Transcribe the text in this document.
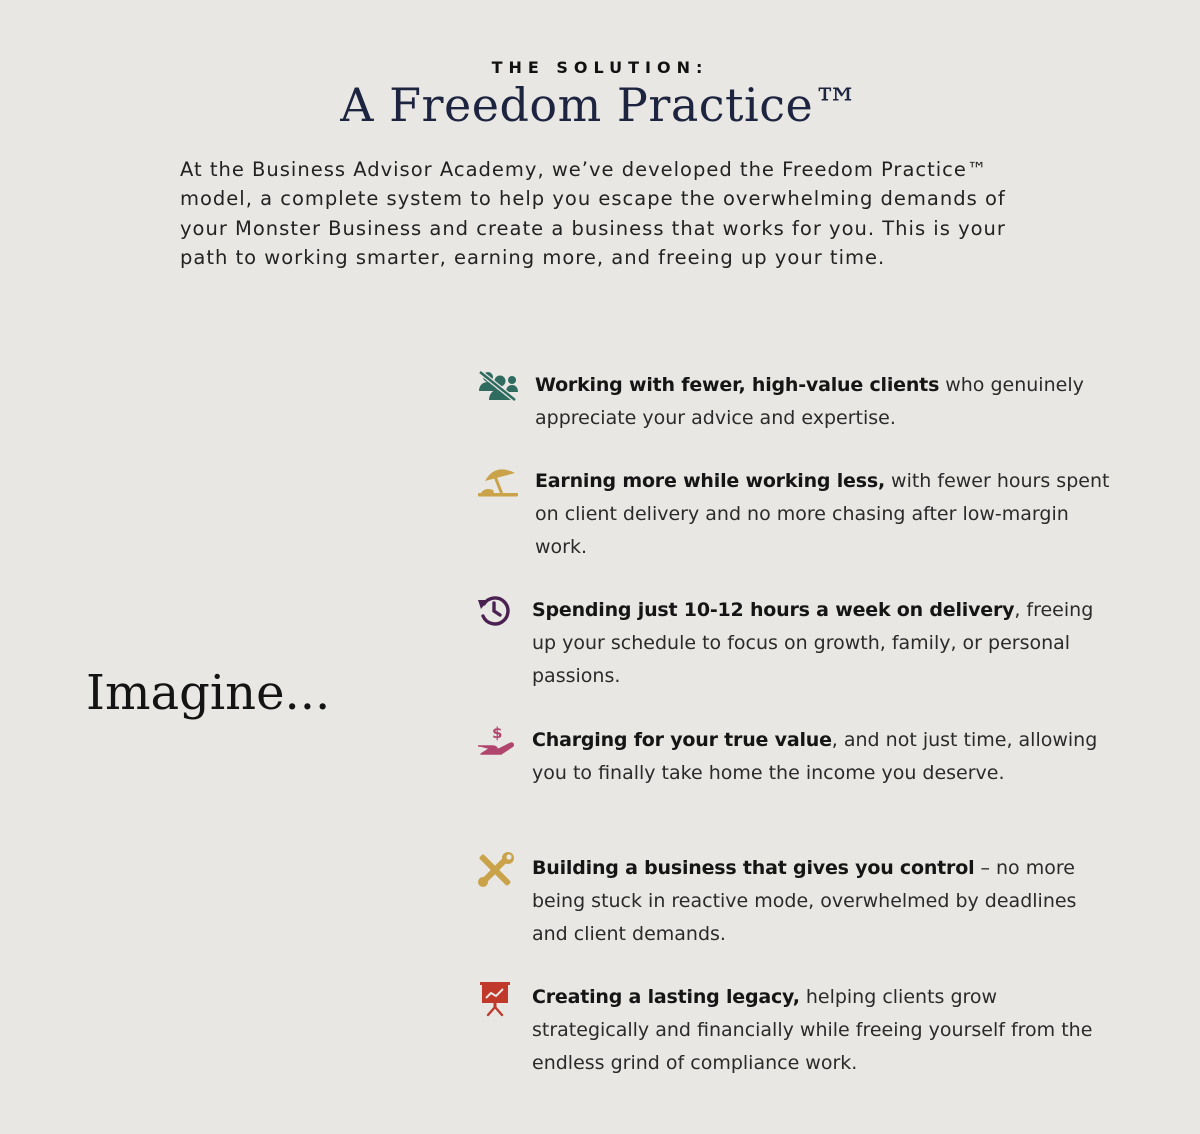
THE SOLUTION:
A Freedom Practice™
At the Business Advisor Academy, we’ve developed the Freedom Practice™ model, a complete system to help you escape the overwhelming demands of your Monster Business and create a business that works for you. This is your path to working smarter, earning more, and freeing up your time.
Imagine...
Working with fewer, high-value clients who genuinely appreciate your advice and expertise.
Earning more while working less, with fewer hours spent on client delivery and no more chasing after low-margin work.
Spending just 10-12 hours a week on delivery, freeing up your schedule to focus on growth, family, or personal passions.
$ Charging for your true value, and not just time, allowing you to finally take home the income you deserve.
Building a business that gives you control – no more being stuck in reactive mode, overwhelmed by deadlines and client demands.
Creating a lasting legacy, helping clients grow strategically and financially while freeing yourself from the endless grind of compliance work.
